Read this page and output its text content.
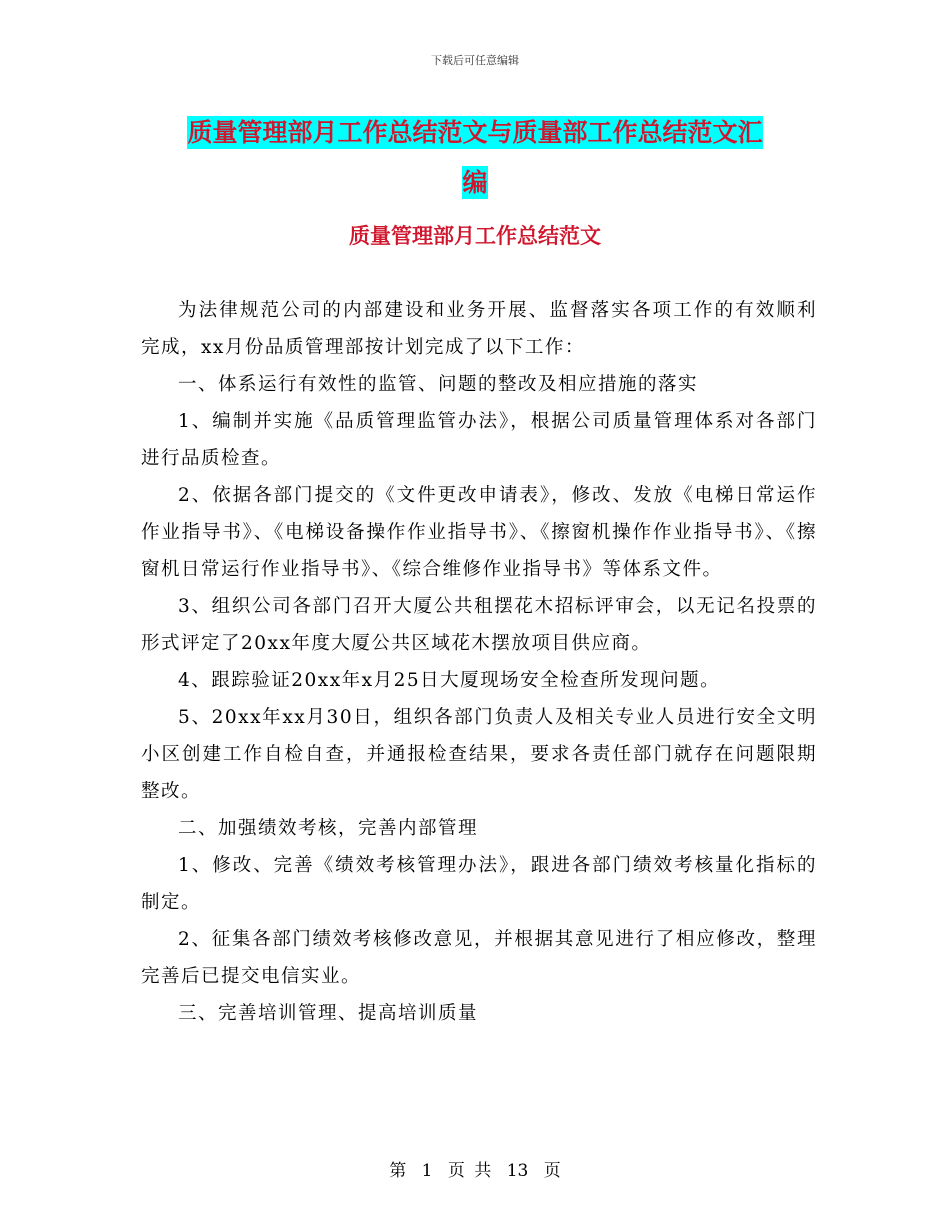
下载后可任意编辑
质量管理部月工作总结范文与质量部工作总结范文汇
编
质量管理部月工作总结范文

为法律规范公司的内部建设和业务开展、监督落实各项工作的有效顺利完成，xx月份品质管理部按计划完成了以下工作：

一、体系运行有效性的监管、问题的整改及相应措施的落实

1、编制并实施《品质管理监管办法》，根据公司质量管理体系对各部门进行品质检查。

2、依据各部门提交的《文件更改申请表》，修改、发放《电梯日常运作作业指导书》、《电梯设备操作作业指导书》、《擦窗机操作作业指导书》、《擦窗机日常运行作业指导书》、《综合维修作业指导书》等体系文件。

3、组织公司各部门召开大厦公共租摆花木招标评审会，以无记名投票的形式评定了20xx年度大厦公共区域花木摆放项目供应商。

4、跟踪验证20xx年x月25日大厦现场安全检查所发现问题。

5、20xx年xx月30日，组织各部门负责人及相关专业人员进行安全文明小区创建工作自检自查，并通报检查结果，要求各责任部门就存在问题限期整改。

二、加强绩效考核，完善内部管理

1、修改、完善《绩效考核管理办法》，跟进各部门绩效考核量化指标的制定。

2、征集各部门绩效考核修改意见，并根据其意见进行了相应修改，整理完善后已提交电信实业。

三、完善培训管理、提高培训质量

第 1 页 共 13 页
